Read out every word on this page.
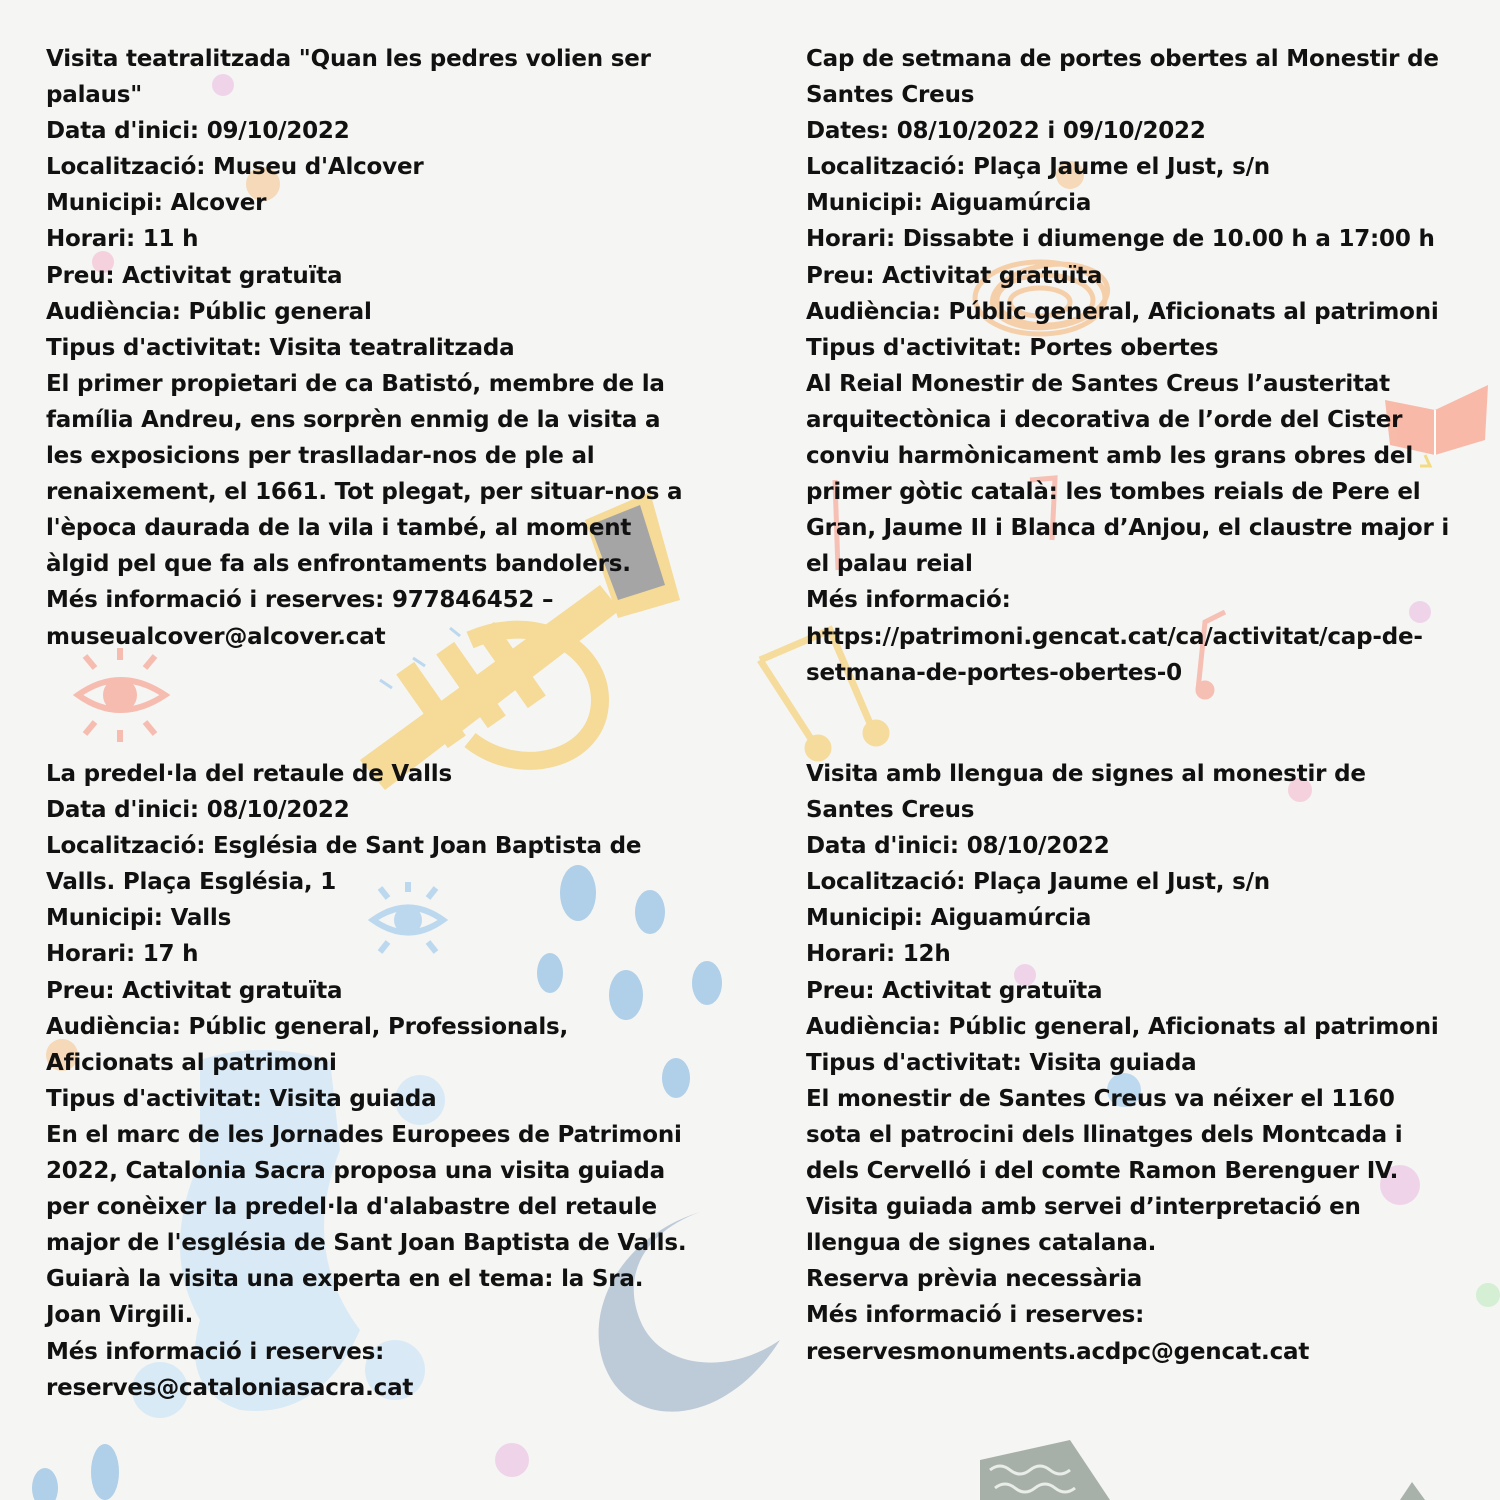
Visita teatralitzada "Quan les pedres volien ser

palaus"

Data d'inici: 09/10/2022

Localització: Museu d'Alcover

Municipi: Alcover

Horari: 11 h

Preu: Activitat gratuïta

Audiència: Públic general

Tipus d'activitat: Visita teatralitzada

El primer propietari de ca Batistó, membre de la

família Andreu, ens sorprèn enmig de la visita a

les exposicions per traslladar-nos de ple al

renaixement, el 1661. Tot plegat, per situar-nos a

l'època daurada de la vila i també, al moment

àlgid pel que fa als enfrontaments bandolers.

Més informació i reserves: 977846452 –

museualcover@alcover.cat

Cap de setmana de portes obertes al Monestir de

Santes Creus

Dates: 08/10/2022 i 09/10/2022

Localització: Plaça Jaume el Just, s/n

Municipi: Aiguamúrcia

Horari: Dissabte i diumenge de 10.00 h a 17:00 h

Preu: Activitat gratuïta

Audiència: Públic general, Aficionats al patrimoni

Tipus d'activitat: Portes obertes

Al Reial Monestir de Santes Creus l’austeritat

arquitectònica i decorativa de l’orde del Cister

conviu harmònicament amb les grans obres del

primer gòtic català: les tombes reials de Pere el

Gran, Jaume II i Blanca d’Anjou, el claustre major i

el palau reial

Més informació:

https://patrimoni.gencat.cat/ca/activitat/cap-de-

setmana-de-portes-obertes-0

La predel·la del retaule de Valls

Data d'inici: 08/10/2022

Localització: Església de Sant Joan Baptista de

Valls. Plaça Església, 1

Municipi: Valls

Horari: 17 h

Preu: Activitat gratuïta

Audiència: Públic general, Professionals,

Aficionats al patrimoni

Tipus d'activitat: Visita guiada

En el marc de les Jornades Europees de Patrimoni

2022, Catalonia Sacra proposa una visita guiada

per conèixer la predel·la d'alabastre del retaule

major de l'església de Sant Joan Baptista de Valls.

Guiarà la visita una experta en el tema: la Sra.

Joan Virgili.

Més informació i reserves:

reserves@cataloniasacra.cat

Visita amb llengua de signes al monestir de

Santes Creus

Data d'inici: 08/10/2022

Localització: Plaça Jaume el Just, s/n

Municipi: Aiguamúrcia

Horari: 12h

Preu: Activitat gratuïta

Audiència: Públic general, Aficionats al patrimoni

Tipus d'activitat: Visita guiada

El monestir de Santes Creus va néixer el 1160

sota el patrocini dels llinatges dels Montcada i

dels Cervelló i del comte Ramon Berenguer IV.

Visita guiada amb servei d’interpretació en

llengua de signes catalana.

Reserva prèvia necessària

Més informació i reserves:

reservesmonuments.acdpc@gencat.cat
